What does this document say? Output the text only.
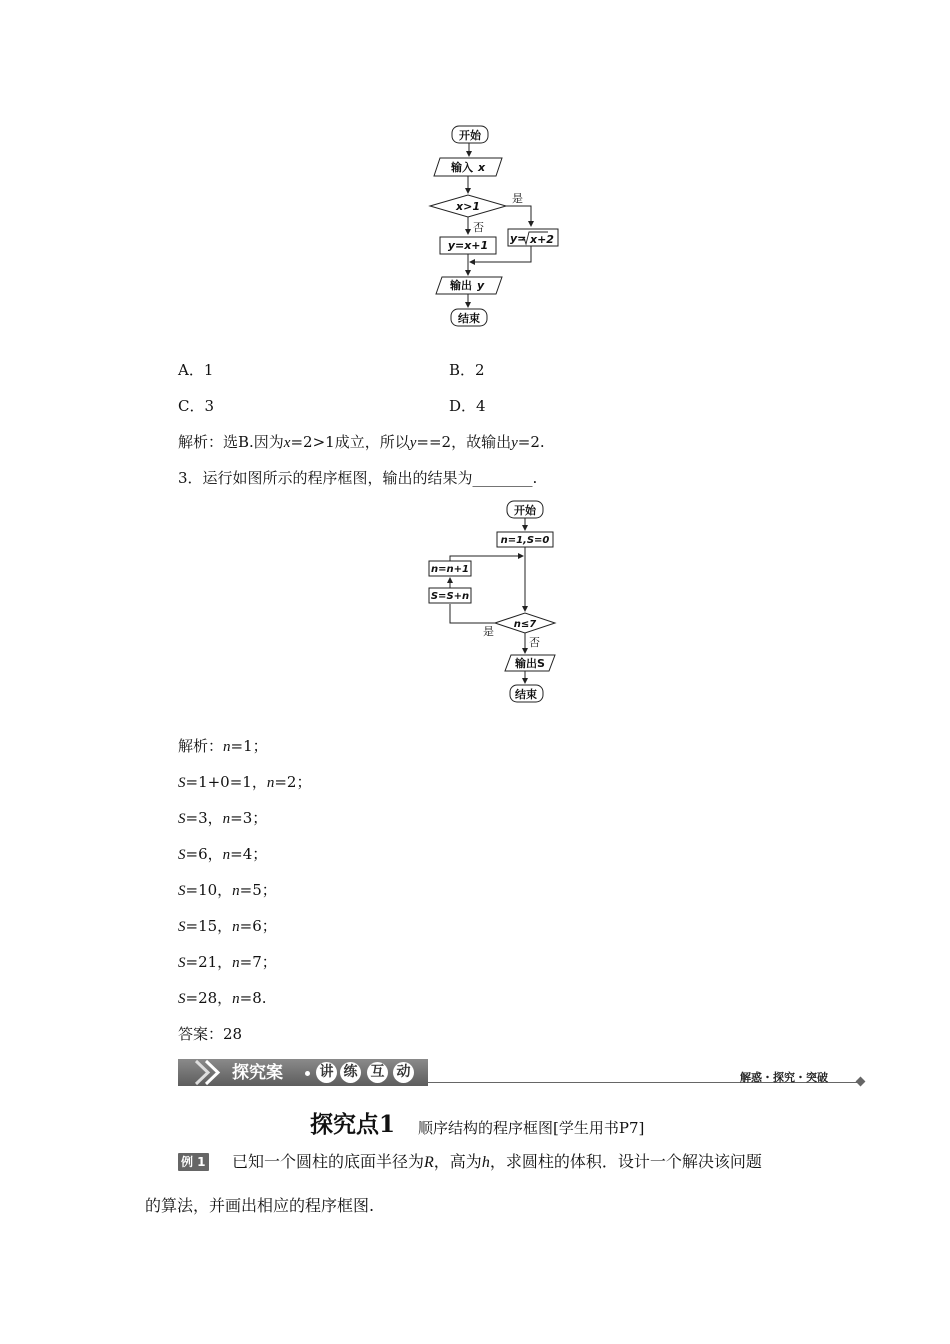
开始
输入 x
x>1
是
否
y=x+1
y= x+2
输出 y
结束
A．1	B．2
C．3	D．4
解析：选B.因为x=2>1成立，所以y==2，故输出y=2.
3．运行如图所示的程序框图，输出的结果为________.
开始
n=1,S=0
n=n+1
S=S+n
n≤7
是
否
输出S
结束
解析：n=1；
S=1+0=1，n=2；
S=3，n=3；
S=6，n=4；
S=10，n=5；
S=15，n=6；
S=21，n=7；
S=28，n=8.
答案：28
探究案	讲 练 互 动	解惑・探究・突破
探究点1 顺序结构的程序框图[学生用书P7]
例 1 已知一个圆柱的底面半径为R，高为h，求圆柱的体积．设计一个解决该问题
的算法，并画出相应的程序框图.
